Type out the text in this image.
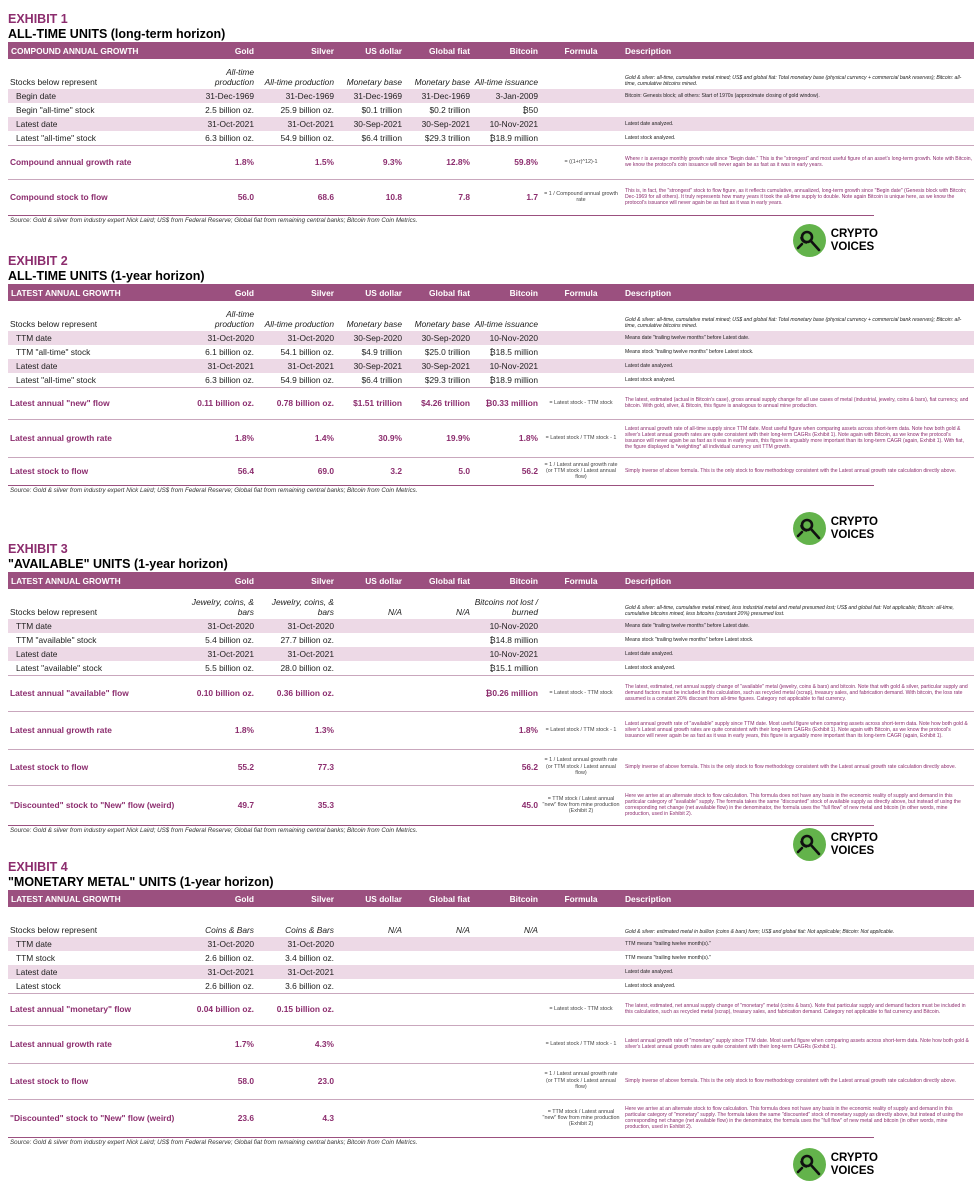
EXHIBIT 1
ALL-TIME UNITS (long-term horizon)
COMPOUND ANNUAL GROWTH	Gold	Silver	US dollar	Global fiat	Bitcoin	Formula	Description
Stocks below represent	All-time production	All-time production	Monetary base	Monetary base	All-time issuance		Gold & silver: all-time, cumulative metal mined; US$ and global fiat: Total monetary base (physical currency + commercial bank reserves); Bitcoin: all-time, cumulative bitcoins mined.
Begin date	31-Dec-1969	31-Dec-1969	31-Dec-1969	31-Dec-1969	3-Jan-2009		Bitcoin: Genesis block; all others: Start of 1970s (approximate closing of gold window).
Begin "all-time" stock	2.5 billion oz.	25.9 billion oz.	$0.1 trillion	$0.2 trillion	₿50		
Latest date	31-Oct-2021	31-Oct-2021	30-Sep-2021	30-Sep-2021	10-Nov-2021		Latest date analyzed.
Latest "all-time" stock	6.3 billion oz.	54.9 billion oz.	$6.4 trillion	$29.3 trillion	₿18.9 million		Latest stock analyzed.
Compound annual growth rate	1.8%	1.5%	9.3%	12.8%	59.8%	= ((1+r)^12)-1	Where r is average monthly growth rate since "Begin date." This is the "strongest" and most useful figure of an asset's long-term growth. Note with Bitcoin, we know the protocol's coin issuance will never again be as fast as it was in early years.
Compound stock to flow	56.0	68.6	10.8	7.8	1.7	= 1 / Compound annual growth rate	This is, in fact, the "strongest" stock to flow figure, as it reflects cumulative, annualized, long-term growth since "Begin date" (Genesis block with Bitcoin; Dec-1969 for all others). It truly represents how many years it took the all-time supply to double. Note again Bitcoin is unique here, as we know the protocol's issuance will never again be as fast as it was in early years.
Source: Gold & silver from industry expert Nick Laird; US$ from Federal Reserve; Global fiat from remaining central banks; Bitcoin from Coin Metrics.
CRYPTO
VOICES
EXHIBIT 2
ALL-TIME UNITS (1-year horizon)
LATEST ANNUAL GROWTH	Gold	Silver	US dollar	Global fiat	Bitcoin	Formula	Description
Stocks below represent	All-time production	All-time production	Monetary base	Monetary base	All-time issuance		Gold & silver: all-time, cumulative metal mined; US$ and global fiat: Total monetary base (physical currency + commercial bank reserves); Bitcoin: all-time, cumulative bitcoins mined.
TTM date	31-Oct-2020	31-Oct-2020	30-Sep-2020	30-Sep-2020	10-Nov-2020		Means date "trailing twelve months" before Latest date.
TTM "all-time" stock	6.1 billion oz.	54.1 billion oz.	$4.9 trillion	$25.0 trillion	₿18.5 million		Means stock "trailing twelve months" before Latest stock.
Latest date	31-Oct-2021	31-Oct-2021	30-Sep-2021	30-Sep-2021	10-Nov-2021		Latest date analyzed.
Latest "all-time" stock	6.3 billion oz.	54.9 billion oz.	$6.4 trillion	$29.3 trillion	₿18.9 million		Latest stock analyzed.
Latest annual "new" flow	0.11 billion oz.	0.78 billion oz.	$1.51 trillion	$4.26 trillion	₿0.33 million	= Latest stock - TTM stock	The latest, estimated (actual in Bitcoin's case), gross annual supply change for all use cases of metal (industrial, jewelry, coins & bars), fiat currency, and bitcoin. With gold, silver, & Bitcoin, this figure is analogous to annual mine production.
Latest annual growth rate	1.8%	1.4%	30.9%	19.9%	1.8%	= Latest stock / TTM stock - 1	Latest annual growth rate of all-time supply since TTM date. Most useful figure when comparing assets across short-term data. Note how both gold & silver's Latest annual growth rates are quite consistent with their long-term CAGRs (Exhibit 1). Note again with Bitcoin, as we know the protocol's issuance will never again be as fast as it was in early years, this figure is arguably more important than its long-term CAGR (again, Exhibit 1). With fiat, the figure displayed is *weighting* all individual currency unit TTM growth.
Latest stock to flow	56.4	69.0	3.2	5.0	56.2	= 1 / Latest annual growth rate (or TTM stock / Latest annual flow)	Simply inverse of above formula. This is the only stock to flow methodology consistent with the Latest annual growth rate calculation directly above.
Source: Gold & silver from industry expert Nick Laird; US$ from Federal Reserve; Global fiat from remaining central banks; Bitcoin from Coin Metrics.
CRYPTO
VOICES
EXHIBIT 3
"AVAILABLE" UNITS (1-year horizon)
LATEST ANNUAL GROWTH	Gold	Silver	US dollar	Global fiat	Bitcoin	Formula	Description
Stocks below represent	Jewelry, coins, & bars	Jewelry, coins, & bars	N/A	N/A	Bitcoins not lost / burned		Gold & silver: all-time, cumulative metal mined, less industrial metal and metal presumed lost; US$ and global fiat: Not applicable; Bitcoin: all-time, cumulative bitcoins mined, less bitcoins (constant 20%) presumed lost.
TTM date	31-Oct-2020	31-Oct-2020			10-Nov-2020		Means date "trailing twelve months" before Latest date.
TTM "available" stock	5.4 billion oz.	27.7 billion oz.			₿14.8 million		Means stock "trailing twelve months" before Latest stock.
Latest date	31-Oct-2021	31-Oct-2021			10-Nov-2021		Latest date analyzed.
Latest "available" stock	5.5 billion oz.	28.0 billion oz.			₿15.1 million		Latest stock analyzed.
Latest annual "available" flow	0.10 billion oz.	0.36 billion oz.			₿0.26 million	= Latest stock - TTM stock	The latest, estimated, net annual supply change of "available" metal (jewelry, coins & bars) and bitcoin. Note that with gold & silver, particular supply and demand factors must be included in this calculation, such as recycled metal (scrap), treasury sales, and fabrication demand. With bitcoin, the loss rate assumed is a constant 20% discount from all-time figures. Category not applicable to fiat currency.
Latest annual growth rate	1.8%	1.3%			1.8%	= Latest stock / TTM stock - 1	Latest annual growth rate of "available" supply since TTM date. Most useful figure when comparing assets across short-term data. Note how both gold & silver's Latest annual growth rates are quite consistent with their long-term CAGRs (Exhibit 1). Note again with Bitcoin, as we know the protocol's issuance will never again be as fast as it was in early years, this figure is arguably more important than its long-term CAGR (again, Exhibit 1).
Latest stock to flow	55.2	77.3			56.2	= 1 / Latest annual growth rate (or TTM stock / Latest annual flow)	Simply inverse of above formula. This is the only stock to flow methodology consistent with the Latest annual growth rate calculation directly above.
"Discounted" stock to "New" flow (weird)	49.7	35.3			45.0	= TTM stock / Latest annual "new" flow from mine production (Exhibit 2)	Here we arrive at an alternate stock to flow calculation. This formula does not have any basis in the economic reality of supply and demand in this particular category of "available" supply. The formula takes the same "discounted" stock of available supply as directly above, but instead of using the corresponding net change (net available flow) in the denominator, the formula uses the "full flow" of new metal and bitcoin (in other words, mine production, used in Exhibit 2).
Source: Gold & silver from industry expert Nick Laird; US$ from Federal Reserve; Global fiat from remaining central banks; Bitcoin from Coin Metrics.
CRYPTO
VOICES
EXHIBIT 4
"MONETARY METAL" UNITS (1-year horizon)
LATEST ANNUAL GROWTH	Gold	Silver	US dollar	Global fiat	Bitcoin	Formula	Description
Stocks below represent	Coins & Bars	Coins & Bars	N/A	N/A	N/A		Gold & silver: estimated metal in bullion (coins & bars) form; US$ and global fiat: Not applicable; Bitcoin: Not applicable.
TTM date	31-Oct-2020	31-Oct-2020					TTM means "trailing twelve month(s)."
TTM stock	2.6 billion oz.	3.4 billion oz.					TTM means "trailing twelve month(s)."
Latest date	31-Oct-2021	31-Oct-2021					Latest date analyzed.
Latest stock	2.6 billion oz.	3.6 billion oz.					Latest stock analyzed.
Latest annual "monetary" flow	0.04 billion oz.	0.15 billion oz.				= Latest stock - TTM stock	The latest, estimated, net annual supply change of "monetary" metal (coins & bars). Note that particular supply and demand factors must be included in this calculation, such as recycled metal (scrap), treasury sales, and fabrication demand. Category not applicable to fiat currency and Bitcoin.
Latest annual growth rate	1.7%	4.3%				= Latest stock / TTM stock - 1	Latest annual growth rate of "monetary" supply since TTM date. Most useful figure when comparing assets across short-term data. Note how both gold & silver's Latest annual growth rates are quite consistent with their long-term CAGRs (Exhibit 1).
Latest stock to flow	58.0	23.0				= 1 / Latest annual growth rate (or TTM stock / Latest annual flow)	Simply inverse of above formula. This is the only stock to flow methodology consistent with the Latest annual growth rate calculation directly above.
"Discounted" stock to "New" flow (weird)	23.6	4.3				= TTM stock / Latest annual "new" flow from mine production (Exhibit 2)	Here we arrive at an alternate stock to flow calculation. This formula does not have any basis in the economic reality of supply and demand in this particular category of "monetary" supply. The formula takes the same "discounted" stock of monetary supply as directly above, but instead of using the corresponding net change (net available flow) in the denominator, the formula uses the "full flow" of new metal and bitcoin (in other words, mine production, used in Exhibit 2).
Source: Gold & silver from industry expert Nick Laird; US$ from Federal Reserve; Global fiat from remaining central banks; Bitcoin from Coin Metrics.
CRYPTO
VOICES
